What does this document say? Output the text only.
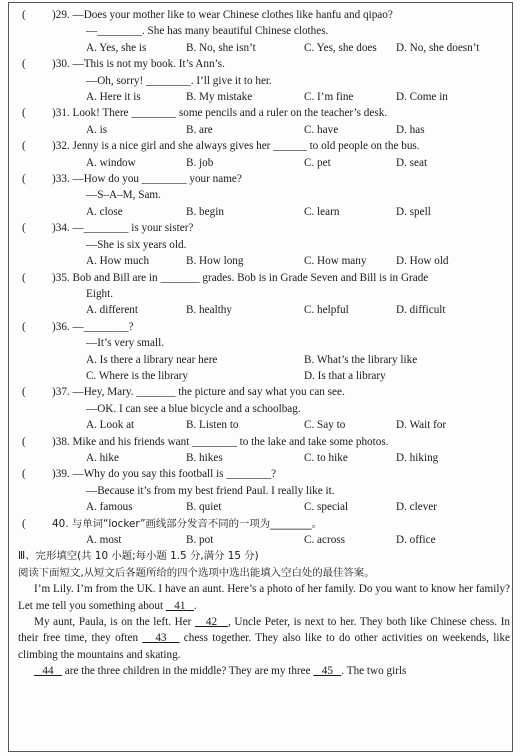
(	)29. —Does your mother like to wear Chinese clothes like hanfu and qipao?
—________. She has many beautiful Chinese clothes.
A. Yes, she is	B. No, she isn’t	C. Yes, she does	D. No, she doesn’t
(	)30. —This is not my book. It’s Ann’s.
—Oh, sorry! ________. I’ll give it to her.
A. Here it is	B. My mistake	C. I’m fine	D. Come in
(	)31. Look! There ________ some pencils and a ruler on the teacher’s desk.
A. is	B. are	C. have	D. has
(	)32. Jenny is a nice girl and she always gives her ______ to old people on the bus.
A. window	B. job	C. pet	D. seat
(	)33. —How do you ________ your name?
—S–A–M, Sam.
A. close	B. begin	C. learn	D. spell
(	)34. —________ is your sister?
—She is six years old.
A. How much	B. How long	C. How many	D. How old
(	)35. Bob and Bill are in _______ grades. Bob is in Grade Seven and Bill is in Grade
Eight.
A. different	B. healthy	C. helpful	D. difficult
(	)36. —________?
—It’s very small.
A. Is there a library near here	B. What’s the library like
C. Where is the library	D. Is that a library
(	)37. —Hey, Mary. _______ the picture and say what you can see.
—OK. I can see a blue bicycle and a schoolbag.
A. Look at	B. Listen to	C. Say to	D. Wait for
(	)38. Mike and his friends want ________ to the lake and take some photos.
A. hike	B. hikes	C. to hike	D. hiking
(	)39. —Why do you say this football is ________?
—Because it’s from my best friend Paul. I really like it.
A. famous	B. quiet	C. special	D. clever
(	40. 与单词“locker”画线部分发音不同的一项为________。
A. most	B. pot	C. across	D. office
Ⅲ、完形填空(共 10 小题;每小题 1.5 分,满分 15 分)
阅读下面短文,从短文后各题所给的四个选项中选出能填入空白处的最佳答案。
I’m Lily. I’m from the UK. I have an aunt. Here’s a photo of her family. Do you want to know her family? Let me tell you something about    41   .
My aunt, Paula, is on the left. Her    42   , Uncle Peter, is next to her. They both like Chinese chess. In their free time, they often    43    chess together. They also like to do other activities on weekends, like climbing the mountains and skating.
44    are the three children in the middle? They are my three    45   . The two girls
